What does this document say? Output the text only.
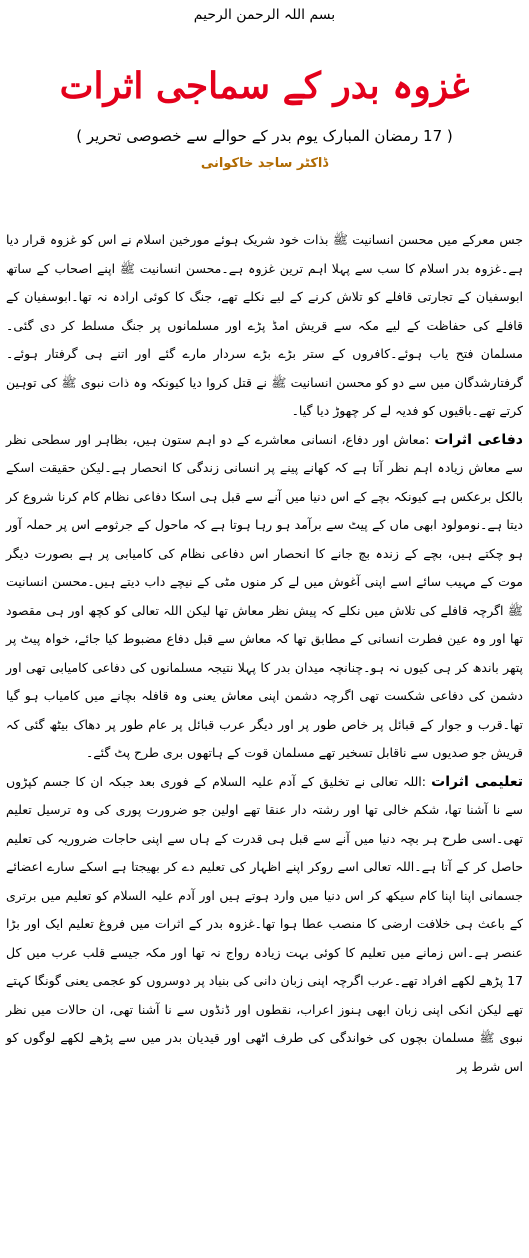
بسم اللہ الرحمن الرحیم
غزوہ بدر کے سماجی اثرات
( 17 رمضان المبارک یوم بدر کے حوالے سے خصوصی تحریر )
ڈاکٹر ساجد خاکوانی

جس معرکے میں محسن انسانیت ﷺ بذات خود شریک ہوئے مورخین اسلام نے اس کو غزوہ قرار دیا ہے۔غزوہ بدر اسلام کا سب سے پہلا اہم ترین غزوہ ہے۔محسن انسانیت ﷺ اپنے اصحاب کے ساتھ ابوسفیان کے تجارتی قافلے کو تلاش کرنے کے لیے نکلے تھے، جنگ کا کوئی ارادہ نہ تھا۔ابوسفیان کے قافلے کی حفاظت کے لیے مکہ سے قریش امڈ پڑے اور مسلمانوں پر جنگ مسلط کر دی گئی۔مسلمان فتح یاب ہوئے۔کافروں کے ستر بڑے بڑے سردار مارے گئے اور اتنے ہی گرفتار ہوئے۔گرفتارشدگان میں سے دو کو محسن انسانیت ﷺ نے قتل کروا دیا کیونکہ وہ ذات نبوی ﷺ کی توہین کرتے تھے۔باقیوں کو فدیہ لے کر چھوڑ دیا گیا۔

دفاعی اثرات :معاش اور دفاع، انسانی معاشرے کے دو اہم ستون ہیں، بظاہر اور سطحی نظر سے معاش زیادہ اہم نظر آتا ہے کہ کھانے پینے پر انسانی زندگی کا انحصار ہے۔لیکن حقیقت اسکے بالکل برعکس ہے کیونکہ بچے کے اس دنیا میں آنے سے قبل ہی اسکا دفاعی نظام کام کرنا شروع کر دیتا ہے۔نومولود ابھی ماں کے پیٹ سے برآمد ہو رہا ہوتا ہے کہ ماحول کے جرثومے اس پر حملہ آور ہو چکتے ہیں، بچے کے زندہ بچ جانے کا انحصار اس دفاعی نظام کی کامیابی پر ہے بصورت دیگر موت کے مہیب سائے اسے اپنی آغوش میں لے کر منوں مٹی کے نیچے داب دیتے ہیں۔محسن انسانیت ﷺ اگرچہ قافلے کی تلاش میں نکلے کہ پیش نظر معاش تھا لیکن اللہ تعالی کو کچھ اور ہی مقصود تھا اور وہ عین فطرت انسانی کے مطابق تھا کہ معاش سے قبل دفاع مضبوط کیا جائے، خواہ پیٹ پر پتھر باندھ کر ہی کیوں نہ ہو۔چنانچہ میدان بدر کا پہلا نتیجہ مسلمانوں کی دفاعی کامیابی تھی اور دشمن کی دفاعی شکست تھی اگرچہ دشمن اپنی معاش یعنی وہ قافلہ بچانے میں کامیاب ہو گیا تھا۔قرب و جوار کے قبائل پر خاص طور پر اور دیگر عرب قبائل پر عام طور پر دھاک بیٹھ گئی کہ قریش جو صدیوں سے ناقابل تسخیر تھے مسلمان قوت کے ہاتھوں بری طرح پٹ گئے۔

تعلیمی اثرات :اللہ تعالی نے تخلیق کے آدم علیہ السلام کے فوری بعد جبکہ ان کا جسم کپڑوں سے نا آشنا تھا، شکم خالی تھا اور رشتہ دار عنقا تھے اولین جو ضرورت پوری کی وہ ترسیل تعلیم تھی۔اسی طرح ہر بچہ دنیا میں آنے سے قبل ہی قدرت کے ہاں سے اپنی حاجات ضروریہ کی تعلیم حاصل کر کے آتا ہے۔اللہ تعالی اسے روکر اپنے اظہار کی تعلیم دے کر بھیجتا ہے اسکے سارے اعضائے جسمانی اپنا اپنا کام سیکھ کر اس دنیا میں وارد ہوتے ہیں اور آدم علیہ السلام کو تعلیم میں برتری کے باعث ہی خلافت ارضی کا منصب عطا ہوا تھا۔غزوہ بدر کے اثرات میں فروغ تعلیم ایک اور بڑا عنصر ہے۔اس زمانے میں تعلیم کا کوئی بہت زیادہ رواج نہ تھا اور مکہ جیسے قلب عرب میں کل 17 پڑھے لکھے افراد تھے۔عرب اگرچہ اپنی زبان دانی کی بنیاد پر دوسروں کو عجمی یعنی گونگا کہتے تھے لیکن انکی اپنی زبان ابھی ہنوز اعراب، نقطوں اور ڈنڈوں سے نا آشنا تھی، ان حالات میں نظر نبوی ﷺ مسلمان بچوں کی خواندگی کی طرف اٹھی اور قیدیان بدر میں سے پڑھے لکھے لوگوں کو اس شرط پر
